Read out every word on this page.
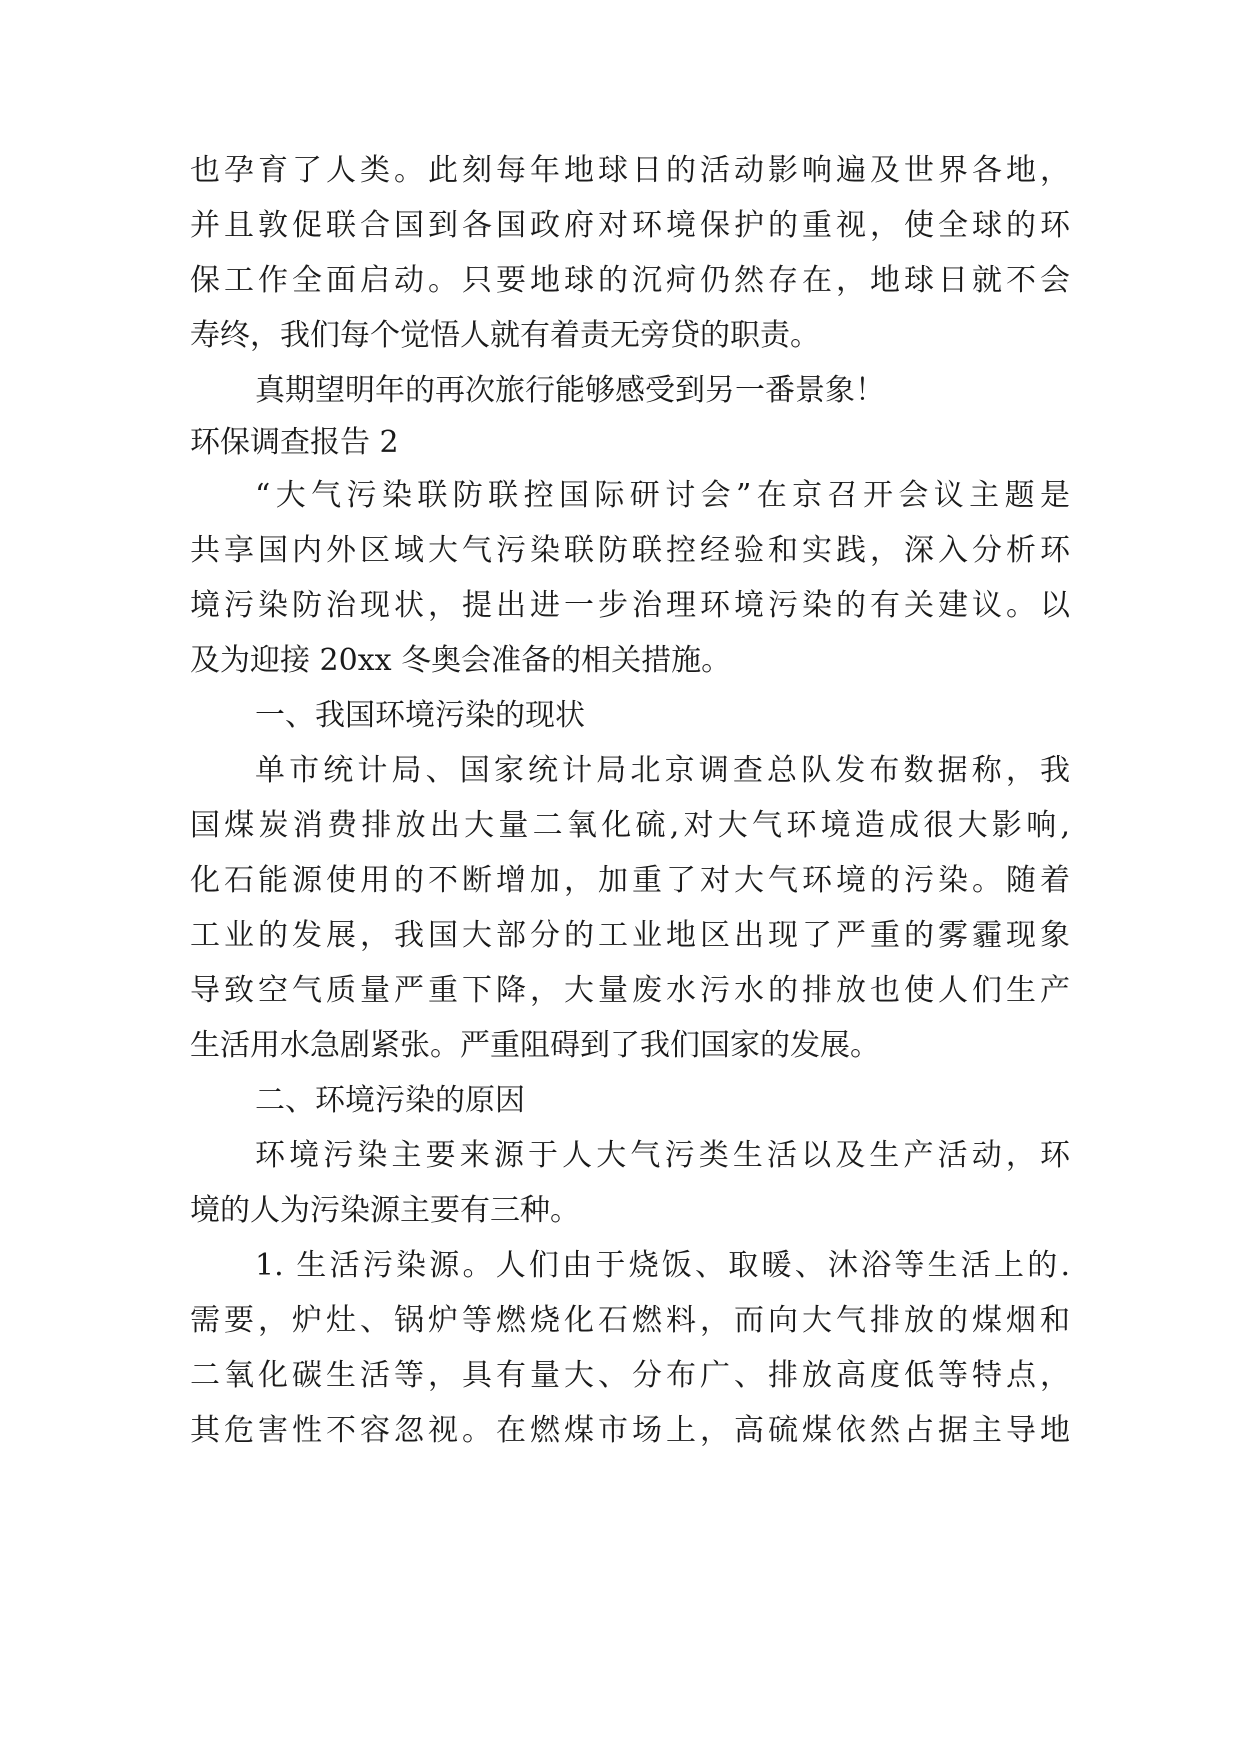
也孕育了人类。此刻每年地球日的活动影响遍及世界各地，
并且敦促联合国到各国政府对环境保护的重视，使全球的环
保工作全面启动。只要地球的沉疴仍然存在，地球日就不会
寿终，我们每个觉悟人就有着责无旁贷的职责。
真期望明年的再次旅行能够感受到另一番景象！
环保调查报告 2
“大气污染联防联控国际研讨会”在京召开会议主题是
共享国内外区域大气污染联防联控经验和实践，深入分析环
境污染防治现状，提出进一步治理环境污染的有关建议。以
及为迎接 20xx 冬奥会准备的相关措施。
一、我国环境污染的现状
单市统计局、国家统计局北京调查总队发布数据称，我
国煤炭消费排放出大量二氧化硫,对大气环境造成很大影响,
化石能源使用的不断增加，加重了对大气环境的污染。随着
工业的发展，我国大部分的工业地区出现了严重的雾霾现象
导致空气质量严重下降，大量废水污水的排放也使人们生产
生活用水急剧紧张。严重阻碍到了我们国家的发展。
二、环境污染的原因
环境污染主要来源于人大气污类生活以及生产活动，环
境的人为污染源主要有三种。
1. 生活污染源。人们由于烧饭、取暖、沐浴等生活上的.
需要，炉灶、锅炉等燃烧化石燃料，而向大气排放的煤烟和
二氧化碳生活等，具有量大、分布广、排放高度低等特点，
其危害性不容忽视。在燃煤市场上，高硫煤依然占据主导地
